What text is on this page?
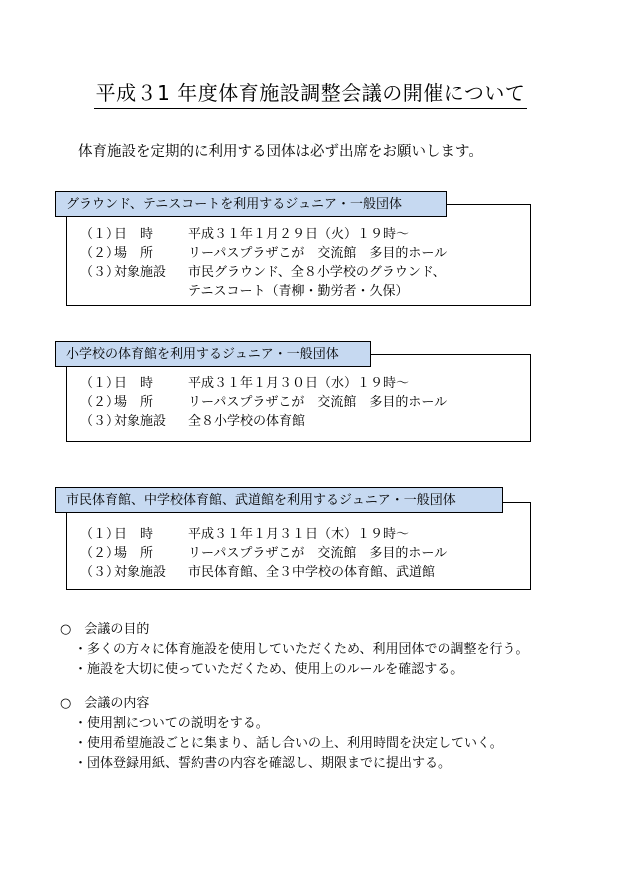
平成３1 年度体育施設調整会議の開催について
体育施設を定期的に利用する団体は必ず出席をお願いします。
グラウンド、テニスコートを利用するジュニア・一般団体
（１）
日　時	平成３１年１月２９日（火）１９時～
（２）
場　所	リーパスプラザこが　交流館　多目的ホール
（３）
対象施設	市民グラウンド、全８小学校のグラウンド、
テニスコート（青柳・勤労者・久保）
小学校の体育館を利用するジュニア・一般団体
（１）
日　時	平成３１年１月３０日（水）１９時～
（２）
場　所	リーパスプラザこが　交流館　多目的ホール
（３）
対象施設	全８小学校の体育館
市民体育館、中学校体育館、武道館を利用するジュニア・一般団体
（１）
日　時	平成３１年１月３１日（木）１９時～
（２）
場　所	リーパスプラザこが　交流館　多目的ホール
（３）
対象施設	市民体育館、全３中学校の体育館、武道館
○　会議の目的
・多くの方々に体育施設を使用していただくため、利用団体での調整を行う。
・施設を大切に使っていただくため、使用上のルールを確認する。
○　会議の内容
・使用割についての説明をする。
・使用希望施設ごとに集まり、話し合いの上、利用時間を決定していく。
・団体登録用紙、誓約書の内容を確認し、期限までに提出する。
